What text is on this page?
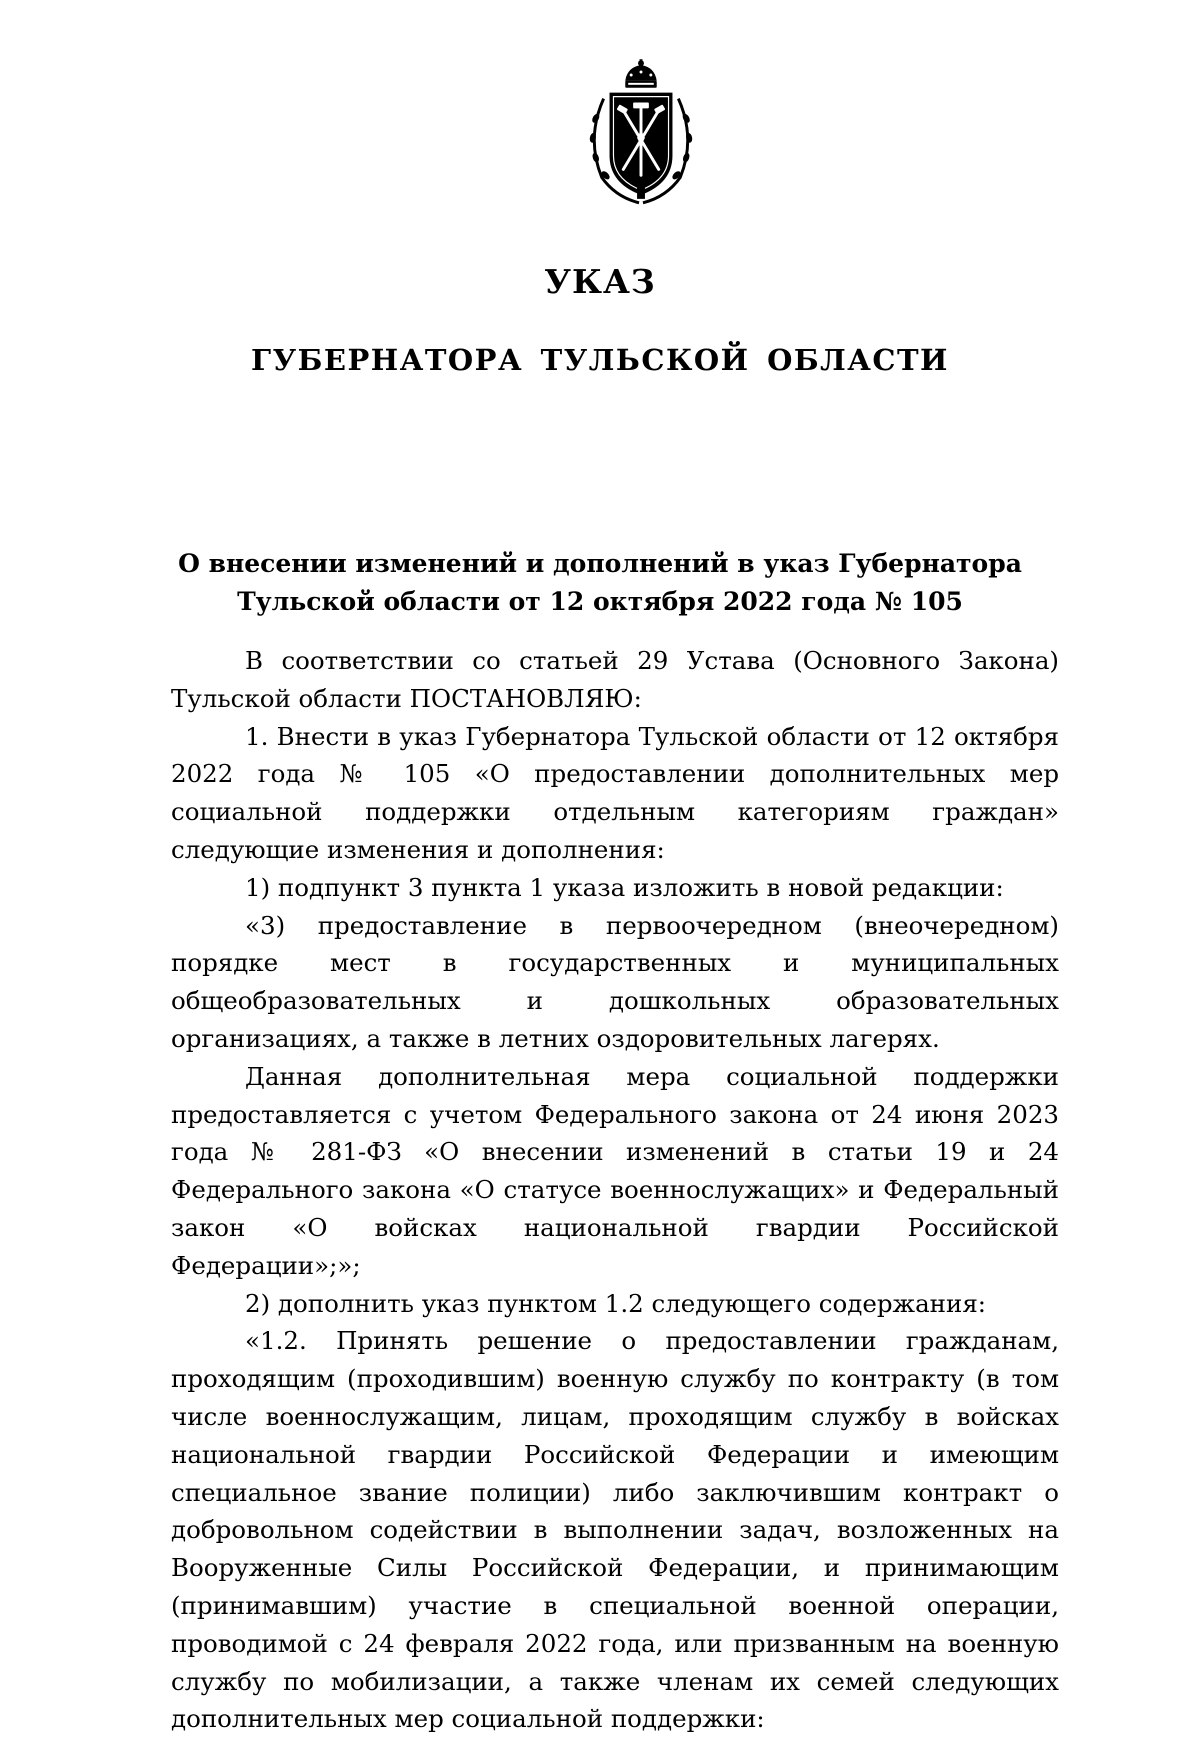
УКАЗ
ГУБЕРНАТОРА ТУЛЬСКОЙ ОБЛАСТИ
О внесении изменений и дополнений в указ Губернатора
Тульской области от 12 октября 2022 года № 105

В соответствии со статьей 29 Устава (Основного Закона) Тульской области ПОСТАНОВЛЯЮ:

1. Внести в указ Губернатора Тульской области от 12 октября 2022 года № 105 «О предоставлении дополнительных мер социальной поддержки отдельным категориям граждан» следующие изменения и дополнения:

1) подпункт 3 пункта 1 указа изложить в новой редакции:

«3) предоставление в первоочередном (внеочередном) порядке мест в государственных и муниципальных общеобразовательных и дошкольных образовательных организациях, а также в летних оздоровительных лагерях.

Данная дополнительная мера социальной поддержки предоставляется с учетом Федерального закона от 24 июня 2023 года № 281-ФЗ «О внесении изменений в статьи 19 и 24 Федерального закона «О статусе военнослужащих» и Федеральный закон «О войсках национальной гвардии Российской Федерации»;»;

2) дополнить указ пунктом 1.2 следующего содержания:

«1.2. Принять решение о предоставлении гражданам, проходящим (проходившим) военную службу по контракту (в том числе военнослужащим, лицам, проходящим службу в войсках национальной гвардии Российской Федерации и имеющим специальное звание полиции) либо заключившим контракт о добровольном содействии в выполнении задач, возложенных на Вооруженные Силы Российской Федерации, и принимающим (принимавшим) участие в специальной военной операции, проводимой с 24 февраля 2022 года, или призванным на военную службу по мобилизации, а также членам их семей следующих дополнительных мер социальной поддержки:
